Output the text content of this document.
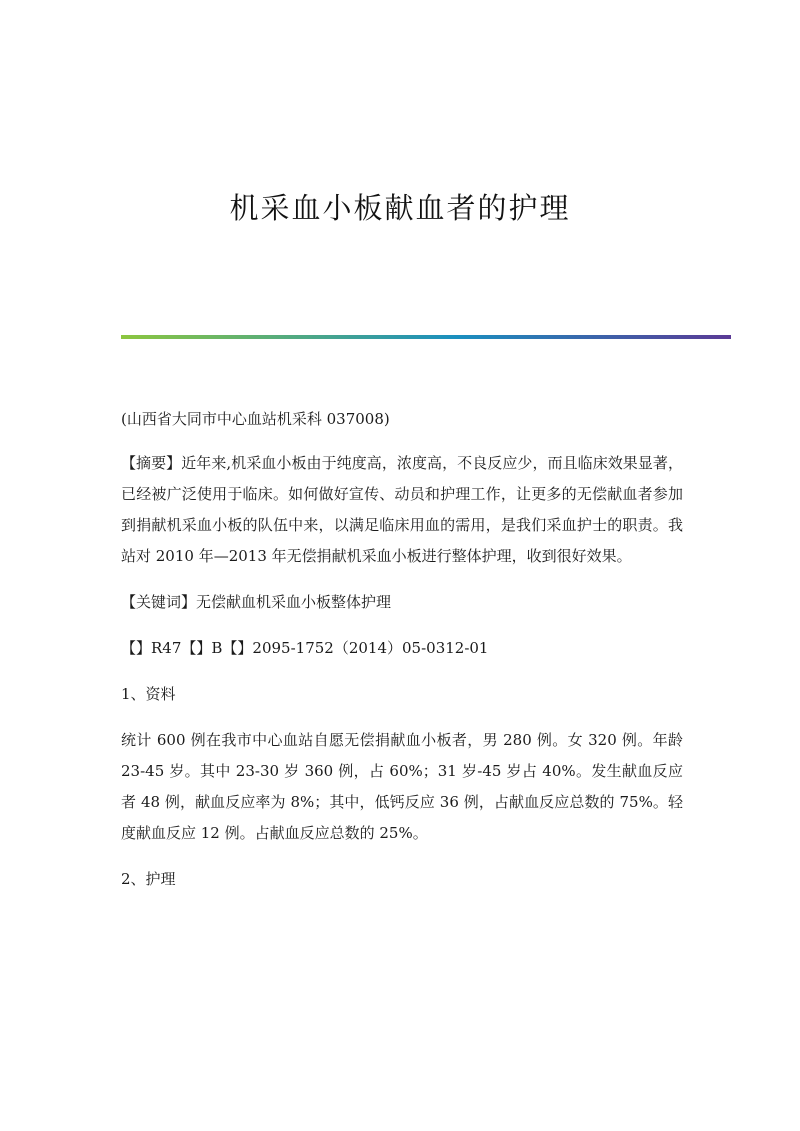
机采血小板献血者的护理

(山西省大同市中心血站机采科 037008)

【摘要】近年来,机采血小板由于纯度高，浓度高，不良反应少，而且临床效果显著，已经被广泛使用于临床。如何做好宣传、动员和护理工作，让更多的无偿献血者参加到捐献机采血小板的队伍中来，以满足临床用血的需用，是我们采血护士的职责。我站对 2010 年—2013 年无偿捐献机采血小板进行整体护理，收到很好效果。

【关键词】无偿献血机采血小板整体护理

【】R47【】B【】2095-1752（2014）05-0312-01

1、资料

统计 600 例在我市中心血站自愿无偿捐献血小板者，男 280 例。女 320 例。年龄 23-45 岁。其中 23-30 岁 360 例，占 60%；31 岁-45 岁占 40%。发生献血反应者 48 例，献血反应率为 8%；其中，低钙反应 36 例，占献血反应总数的 75%。轻度献血反应 12 例。占献血反应总数的 25%。

2、护理
